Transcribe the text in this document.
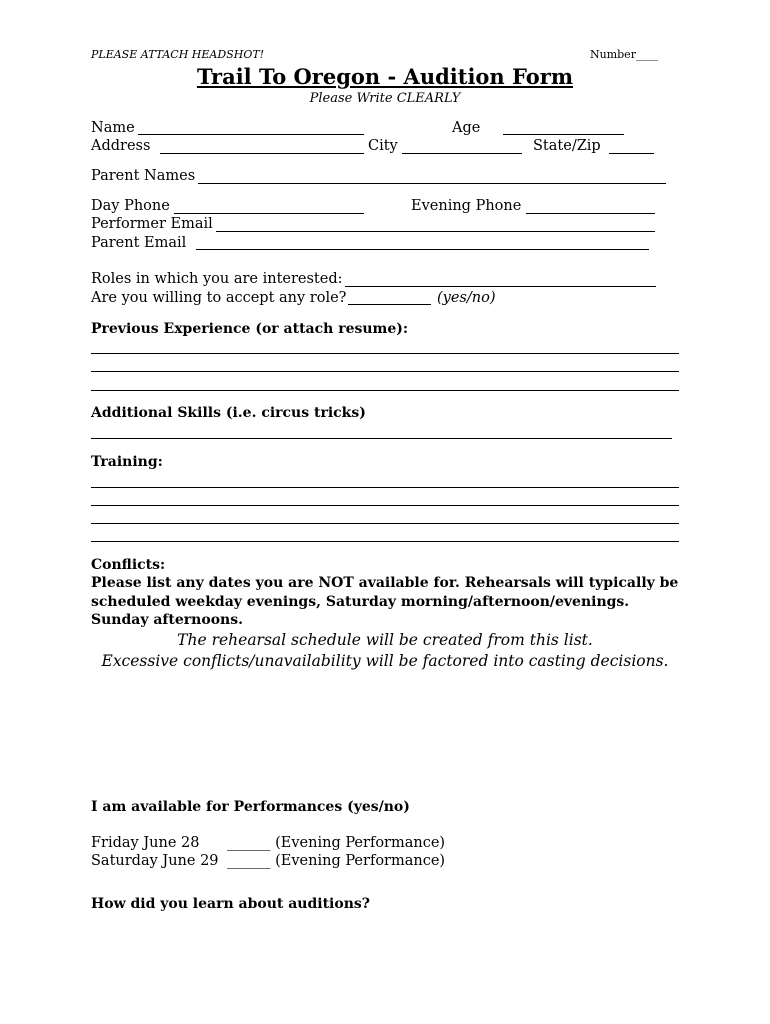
PLEASE ATTACH HEADSHOT!	Number____
Trail To Oregon - Audition Form
Please Write CLEARLY
Name	Age
Address	City	State/Zip
Parent Names
Day Phone	Evening Phone
Performer Email
Parent Email
Roles in which you are interested:
Are you willing to accept any role?	(yes/no)
Previous Experience (or attach resume):
Additional Skills (i.e. circus tricks)
Training:
Conflicts:
Please list any dates you are NOT available for. Rehearsals will typically be
scheduled weekday evenings, Saturday morning/afternoon/evenings.
Sunday afternoons.
The rehearsal schedule will be created from this list.
Excessive conflicts/unavailability will be factored into casting decisions.
I am available for Performances (yes/no)
Friday June 28 ______ (Evening Performance)
Saturday June 29 ______ (Evening Performance)
How did you learn about auditions?
